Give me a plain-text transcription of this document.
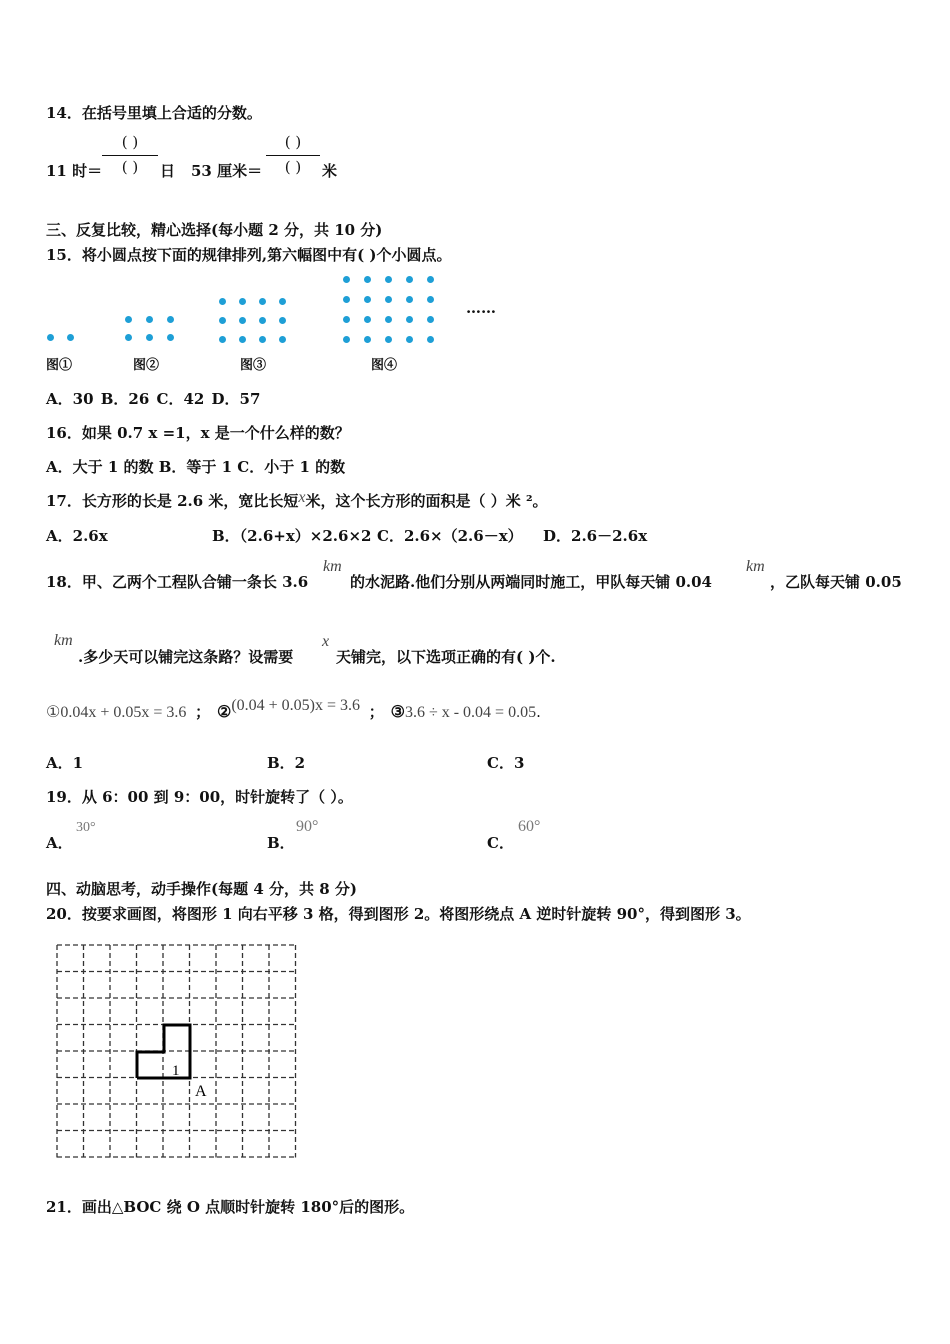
14．在括号里填上合适的分数。
11 时＝
( )
( )	日 53 厘米＝
( )
( )	米
三、反复比较，精心选择(每小题 2 分，共 10 分)
15．将小圆点按下面的规律排列,第六幅图中有( )个小圆点。
图①	图②	图③	图④
……
A．30 B．26 C．42 D．57
16．如果 0.7 x =1，x 是一个什么样的数？
A．大于 1 的数 B．等于 1 C．小于 1 的数
17．长方形的长是 2.6 米，宽比长短x米，这个长方形的面积是（ ）米 ²。
A．2.6x	B．（2.6+x）×2.6×2 C．2.6×（2.6－x） D．2.6－2.6x
18．甲、乙两个工程队合铺一条长 3.6
km
的水泥路.他们分别从两端同时施工，甲队每天铺 0.04
km
，乙队每天铺 0.05
km
.多少天可以铺完这条路？设需要
x
天铺完，以下选项正确的有( )个.
①0.04x + 0.05x = 3.6 ； ②(0.04 + 0.05)x = 3.6 ； ③3.6 ÷ x - 0.04 = 0.05.
A．1	B．2	C．3
19．从 6：00 到 9：00，时针旋转了（ ）。
A．
30°
B．
90°
C．
60°
四、动脑思考，动手操作(每题 4 分，共 8 分)
20．按要求画图，将图形 1 向右平移 3 格，得到图形 2。将图形绕点 A 逆时针旋转 90°，得到图形 3。
1
A
21．画出△BOC 绕 O 点顺时针旋转 180°后的图形。
